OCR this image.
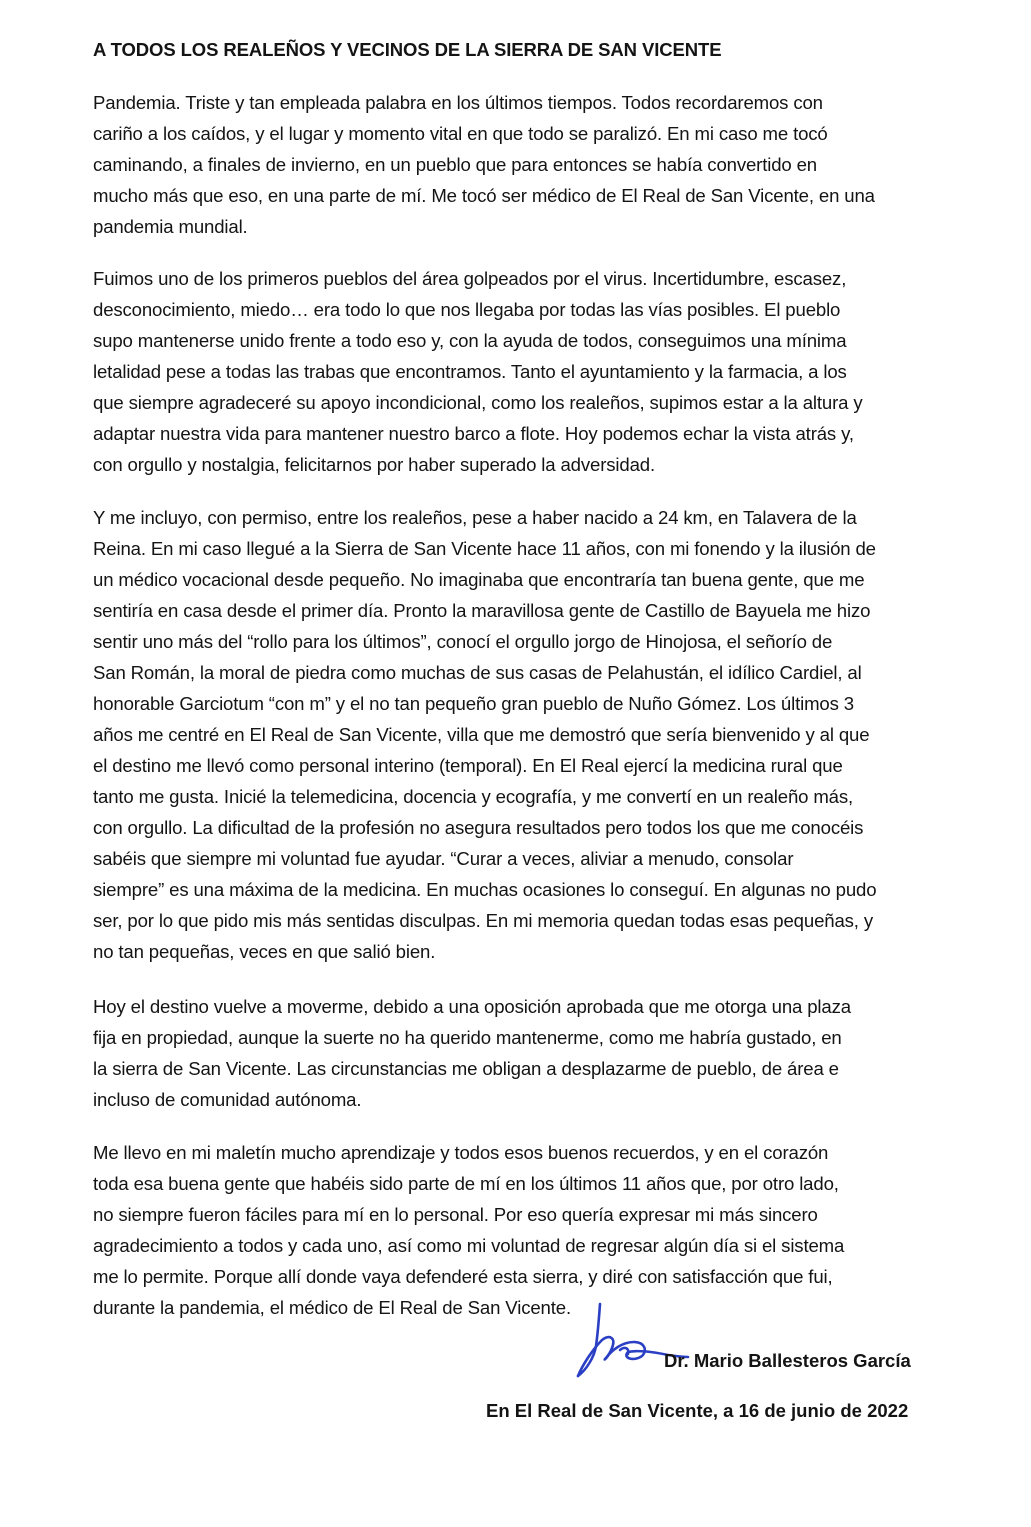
A TODOS LOS REALEÑOS Y VECINOS DE LA SIERRA DE SAN VICENTE

Pandemia. Triste y tan empleada palabra en los últimos tiempos. Todos recordaremos con
cariño a los caídos, y el lugar y momento vital en que todo se paralizó. En mi caso me tocó
caminando, a finales de invierno, en un pueblo que para entonces se había convertido en
mucho más que eso, en una parte de mí. Me tocó ser médico de El Real de San Vicente, en una
pandemia mundial.

Fuimos uno de los primeros pueblos del área golpeados por el virus. Incertidumbre, escasez,
desconocimiento, miedo… era todo lo que nos llegaba por todas las vías posibles. El pueblo
supo mantenerse unido frente a todo eso y, con la ayuda de todos, conseguimos una mínima
letalidad pese a todas las trabas que encontramos. Tanto el ayuntamiento y la farmacia, a los
que siempre agradeceré su apoyo incondicional, como los realeños, supimos estar a la altura y
adaptar nuestra vida para mantener nuestro barco a flote. Hoy podemos echar la vista atrás y,
con orgullo y nostalgia, felicitarnos por haber superado la adversidad.

Y me incluyo, con permiso, entre los realeños, pese a haber nacido a 24 km, en Talavera de la
Reina. En mi caso llegué a la Sierra de San Vicente hace 11 años, con mi fonendo y la ilusión de
un médico vocacional desde pequeño. No imaginaba que encontraría tan buena gente, que me
sentiría en casa desde el primer día. Pronto la maravillosa gente de Castillo de Bayuela me hizo
sentir uno más del “rollo para los últimos”, conocí el orgullo jorgo de Hinojosa, el señorío de
San Román, la moral de piedra como muchas de sus casas de Pelahustán, el idílico Cardiel, al
honorable Garciotum “con m” y el no tan pequeño gran pueblo de Nuño Gómez. Los últimos 3
años me centré en El Real de San Vicente, villa que me demostró que sería bienvenido y al que
el destino me llevó como personal interino (temporal). En El Real ejercí la medicina rural que
tanto me gusta. Inicié la telemedicina, docencia y ecografía, y me convertí en un realeño más,
con orgullo. La dificultad de la profesión no asegura resultados pero todos los que me conocéis
sabéis que siempre mi voluntad fue ayudar. “Curar a veces, aliviar a menudo, consolar
siempre” es una máxima de la medicina. En muchas ocasiones lo conseguí. En algunas no pudo
ser, por lo que pido mis más sentidas disculpas. En mi memoria quedan todas esas pequeñas, y
no tan pequeñas, veces en que salió bien.

Hoy el destino vuelve a moverme, debido a una oposición aprobada que me otorga una plaza
fija en propiedad, aunque la suerte no ha querido mantenerme, como me habría gustado, en
la sierra de San Vicente. Las circunstancias me obligan a desplazarme de pueblo, de área e
incluso de comunidad autónoma.

Me llevo en mi maletín mucho aprendizaje y todos esos buenos recuerdos, y en el corazón
toda esa buena gente que habéis sido parte de mí en los últimos 11 años que, por otro lado,
no siempre fueron fáciles para mí en lo personal. Por eso quería expresar mi más sincero
agradecimiento a todos y cada uno, así como mi voluntad de regresar algún día si el sistema
me lo permite. Porque allí donde vaya defenderé esta sierra, y diré con satisfacción que fui,
durante la pandemia, el médico de El Real de San Vicente.

Dr. Mario Ballesteros García
En El Real de San Vicente, a 16 de junio de 2022
